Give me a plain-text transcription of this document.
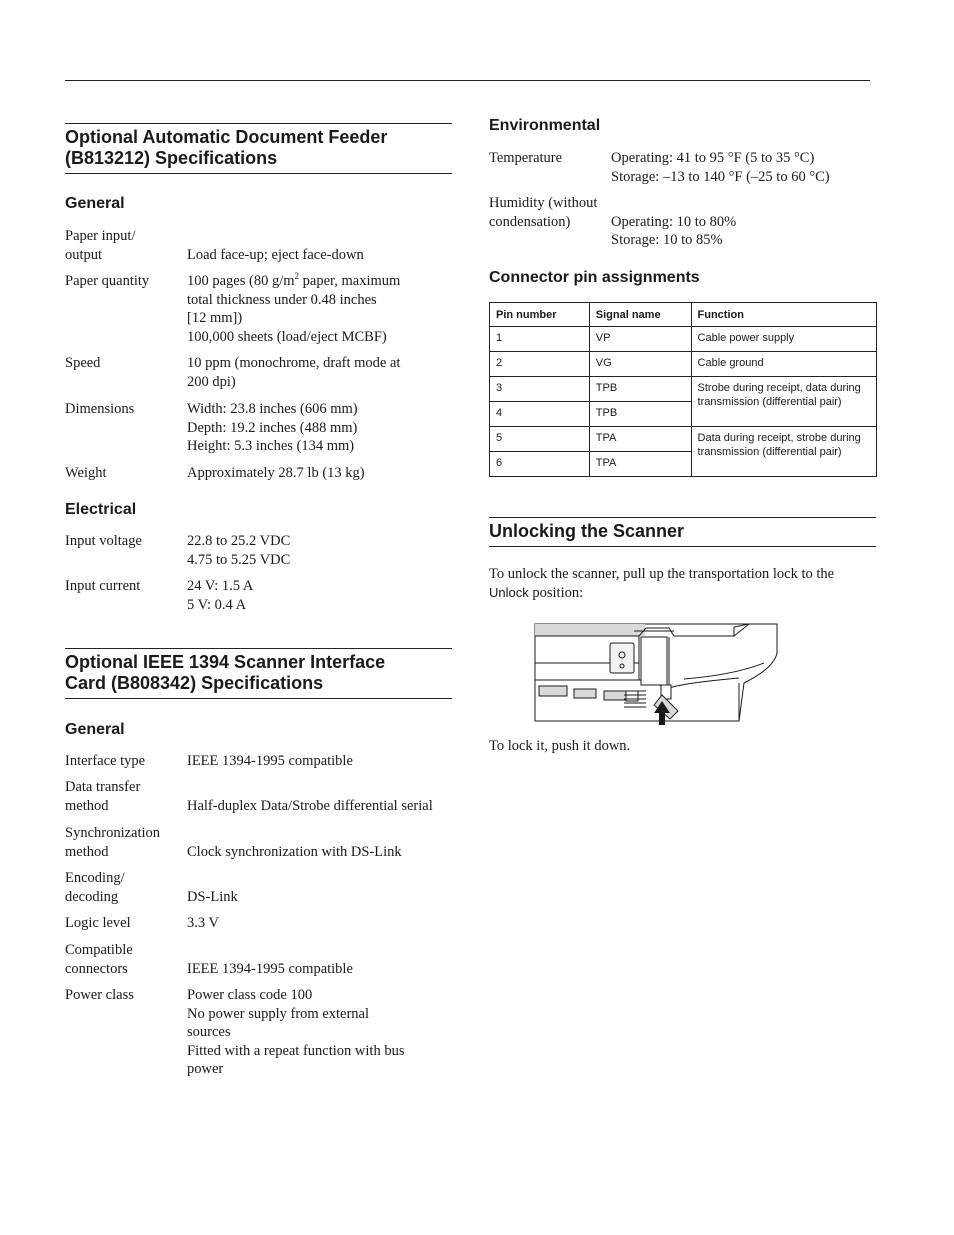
Optional Automatic Document Feeder
(B813212) Specifications
General
Paper input/
output	Load face-up; eject face-down
Paper quantity	100 pages (80 $g/m^2$ paper, maximum
total thickness under 0.48 inches
[12 mm])
100,000 sheets (load/eject MCBF)
Speed	10 ppm (monochrome, draft mode at
200 dpi)
Dimensions	Width: 23.8 inches (606 mm)
Depth: 19.2 inches (488 mm)
Height: 5.3 inches (134 mm)
Weight	Approximately 28.7 lb (13 kg)
Electrical
Input voltage	22.8 to 25.2 VDC
4.75 to 5.25 VDC
Input current	24 V: 1.5 A
5 V: 0.4 A
Optional IEEE 1394 Scanner Interface
Card (B808342) Specifications
General
Interface type	IEEE 1394-1995 compatible
Data transfer
method	Half-duplex Data/Strobe differential serial
Synchronization
method	Clock synchronization with DS-Link
Encoding/
decoding	DS-Link
Logic level	3.3 V
Compatible
connectors	IEEE 1394-1995 compatible
Power class	Power class code 100
No power supply from external
sources
Fitted with a repeat function with bus
power
Environmental
Temperature	Operating: 41 to 95 °F (5 to 35 °C)
Storage: –13 to 140 °F (–25 to 60 °C)
Humidity (without
condensation)	Operating: 10 to 80%
Storage: 10 to 85%
Connector pin assignments
Pin number	Signal name	Function
1	VP	Cable power supply
2	VG	Cable ground
3	TPB	Strobe during receipt, data during transmission (differential pair)
4	TPB	
5	TPA	Data during receipt, strobe during transmission (differential pair)
6	TPA	
Unlocking the Scanner
To unlock the scanner, pull up the transportation lock to the
Unlock position:
To lock it, push it down.
